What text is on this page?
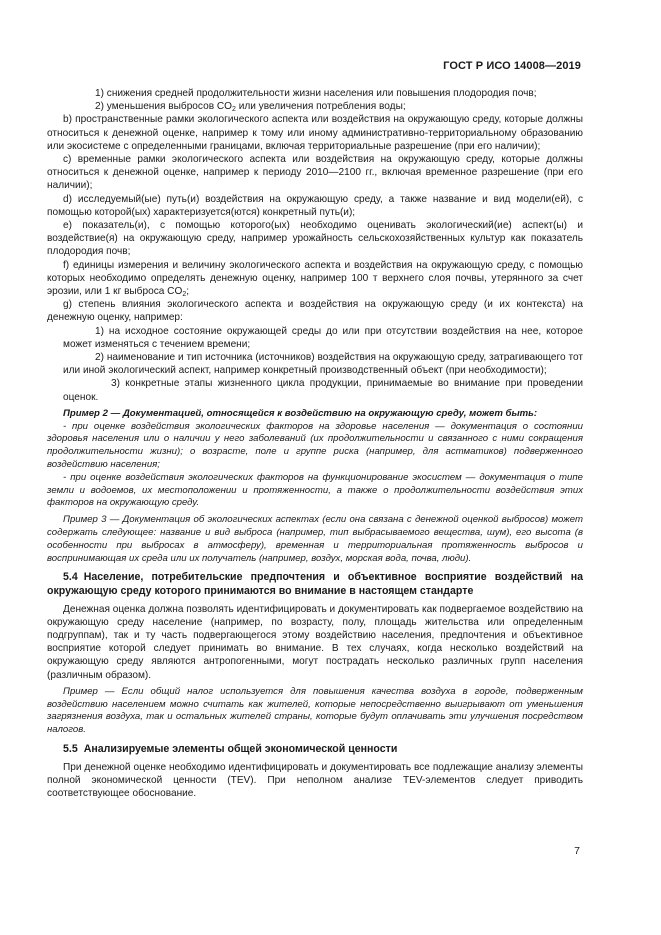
ГОСТ Р ИСО 14008—2019

1) снижения средней продолжительности жизни населения или повышения плодородия почв;

2) уменьшения выбросов $CO_2$ или увеличения потребления воды;

b) пространственные рамки экологического аспекта или воздействия на окружающую среду, которые должны относиться к денежной оценке, например к тому или иному административно-территориальному образованию или экосистеме с определенными границами, включая территориальные разрешение (при его наличии);

c) временные рамки экологического аспекта или воздействия на окружающую среду, которые должны относиться к денежной оценке, например к периоду 2010—2100 гг., включая временное разрешение (при его наличии);

d) исследуемый(ые) путь(и) воздействия на окружающую среду, а также название и вид модели(ей), с помощью которой(ых) характеризуется(ются) конкретный путь(и);

e) показатель(и), с помощью которого(ых) необходимо оценивать экологический(ие) аспект(ы) и воздействие(я) на окружающую среду, например урожайность сельскохозяйственных культур как показатель плодородия почв;

f) единицы измерения и величину экологического аспекта и воздействия на окружающую среду, с помощью которых необходимо определять денежную оценку, например 100 т верхнего слоя почвы, утерянного за счет эрозии, или 1 кг выброса $CO_2$;

g) степень влияния экологического аспекта и воздействия на окружающую среду (и их контекста) на денежную оценку, например:

1) на исходное состояние окружающей среды до или при отсутствии воздействия на нее, которое может изменяться с течением времени;

2) наименование и тип источника (источников) воздействия на окружающую среду, затрагивающего тот или иной экологический аспект, например конкретный производственный объект (при необходимости);

3) конкретные этапы жизненного цикла продукции, принимаемые во внимание при проведении оценок.

Пример 2 — Документацией, относящейся к воздействию на окружающую среду, может быть:

- при оценке воздействия экологических факторов на здоровье населения — документация о состоянии здоровья населения или о наличии у него заболеваний (их продолжительности и связанного с ними сокращения продолжительности жизни); о возрасте, поле и группе риска (например, для астматиков) подверженного воздействию населения;

- при оценке воздействия экологических факторов на функционирование экосистем — документация о типе земли и водоемов, их местоположении и протяженности, а также о продолжительности воздействия этих факторов на окружающую среду.

Пример 3 — Документация об экологических аспектах (если она связана с денежной оценкой выбросов) может содержать следующее: название и вид выброса (например, тип выбрасываемого вещества, шум), его высота (в особенности при выбросах в атмосферу), временная и территориальная протяженность выбросов и воспринимающая их среда или их получатель (например, воздух, морская вода, почва, люди).

5.4 Население, потребительские предпочтения и объективное восприятие воздействий на окружающую среду которого принимаются во внимание в настоящем стандарте

Денежная оценка должна позволять идентифицировать и документировать как подвергаемое воздействию на окружающую среду население (например, по возрасту, полу, площадь жительства или определенным подгруппам), так и ту часть подвергающегося этому воздействию населения, предпочтения и объективное восприятие которой следует принимать во внимание. В тех случаях, когда несколько воздействий на окружающую среду являются антропогенными, могут пострадать несколько различных групп населения (различным образом).

Пример — Если общий налог используется для повышения качества воздуха в городе, подверженным воздействию населением можно считать как жителей, которые непосредственно выигрывают от уменьшения загрязнения воздуха, так и остальных жителей страны, которые будут оплачивать эти улучшения посредством налогов.

5.5 Анализируемые элементы общей экономической ценности

При денежной оценке необходимо идентифицировать и документировать все подлежащие анализу элементы полной экономической ценности (TEV). При неполном анализе TEV-элементов следует приводить соответствующее обоснование.

7
